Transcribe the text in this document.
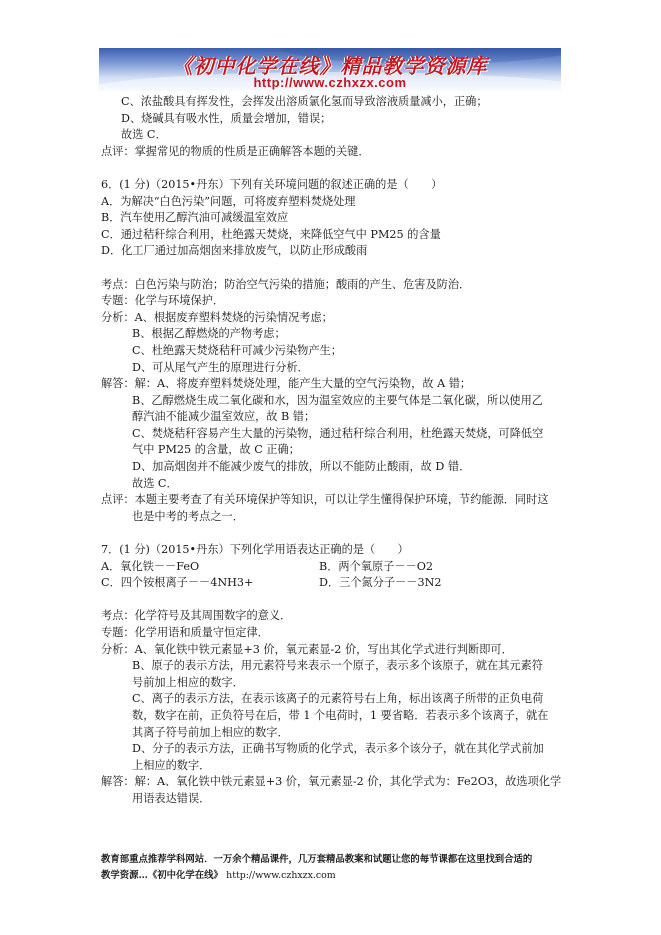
《初中化学在线》精品教学资源库
http://www.czhxzx.com
C、浓盐酸具有挥发性，会挥发出溶质氯化氢而导致溶液质量减小，正确；
D、烧碱具有吸水性，质量会增加，错误；
故选 C．
点评：掌握常见的物质的性质是正确解答本题的关键．
6．(1 分)（2015•丹东）下列有关环境问题的叙述正确的是（　　）
A．为解决“白色污染”问题，可将废弃塑料焚烧处理
B．汽车使用乙醇汽油可减缓温室效应
C．通过秸秆综合利用，杜绝露天焚烧，来降低空气中 PM25 的含量
D．化工厂通过加高烟囱来排放废气，以防止形成酸雨
考点：白色污染与防治；防治空气污染的措施；酸雨的产生、危害及防治．
专题：化学与环境保护．
分析：A、根据废弃塑料焚烧的污染情况考虑；
B、根据乙醇燃烧的产物考虑；
C、杜绝露天焚烧秸秆可减少污染物产生；
D、可从尾气产生的原理进行分析．
解答：解：A、将废弃塑料焚烧处理，能产生大量的空气污染物，故 A 错；
B、乙醇燃烧生成二氧化碳和水，因为温室效应的主要气体是二氧化碳，所以使用乙
醇汽油不能减少温室效应，故 B 错；
C、焚烧秸秆容易产生大量的污染物，通过秸秆综合利用，杜绝露天焚烧，可降低空
气中 PM25 的含量，故 C 正确；
D、加高烟囱并不能减少废气的排放，所以不能防止酸雨，故 D 错．
故选 C．
点评：本题主要考查了有关环境保护等知识，可以让学生懂得保护环境，节约能源．同时这
也是中考的考点之一．
7．(1 分)（2015•丹东）下列化学用语表达正确的是（　　）
A．氧化铁－－FeO	B．两个氧原子－－O2
C．四个铵根离子－－4NH3+	D．三个氮分子－－3N2
考点：化学符号及其周围数字的意义．
专题：化学用语和质量守恒定律．
分析：A、氧化铁中铁元素显+3 价，氧元素显-2 价，写出其化学式进行判断即可．
B、原子的表示方法，用元素符号来表示一个原子，表示多个该原子，就在其元素符
号前加上相应的数字．
C、离子的表示方法，在表示该离子的元素符号右上角，标出该离子所带的正负电荷
数，数字在前，正负符号在后，带 1 个电荷时，1 要省略．若表示多个该离子，就在
其离子符号前加上相应的数字．
D、分子的表示方法，正确书写物质的化学式，表示多个该分子，就在其化学式前加
上相应的数字．
解答：解：A、氧化铁中铁元素显+3 价，氧元素显-2 价，其化学式为：Fe2O3，故选项化学
用语表达错误．
教育部重点推荐学科网站．一万余个精品课件，几万套精品教案和试题让您的每节课都在这里找到合适的
教学资源…《初中化学在线》 http://www.czhxzx.com
